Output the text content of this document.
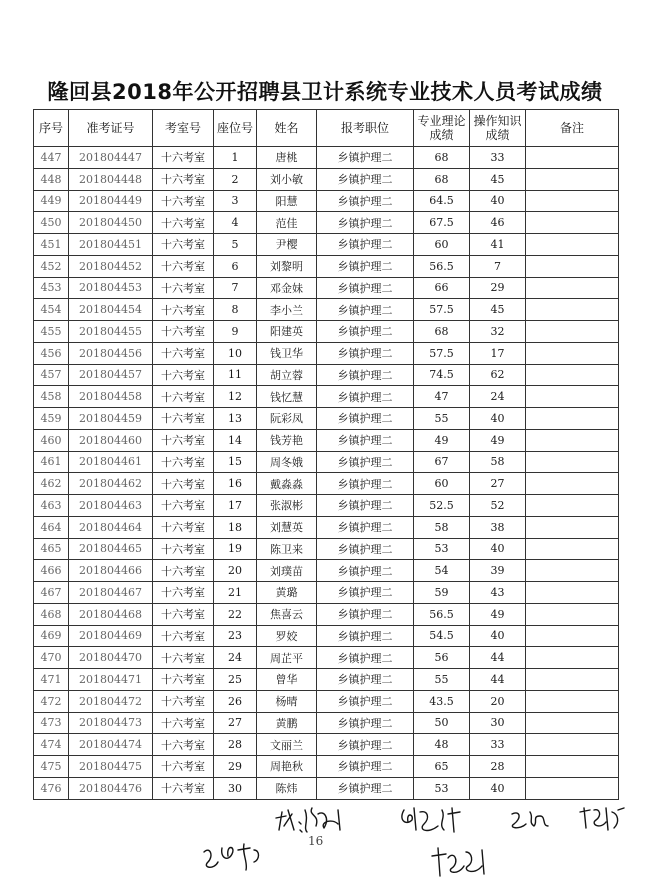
隆回县2018年公开招聘县卫计系统专业技术人员考试成绩
序号	准考证号	考室号	座位号	姓名	报考职位	专业理论成绩	操作知识成绩	备注
447	201804447	十六考室	1	唐桃	乡镇护理二	68	33	
448	201804448	十六考室	2	刘小敏	乡镇护理二	68	45	
449	201804449	十六考室	3	阳慧	乡镇护理二	64.5	40	
450	201804450	十六考室	4	范佳	乡镇护理二	67.5	46	
451	201804451	十六考室	5	尹樱	乡镇护理二	60	41	
452	201804452	十六考室	6	刘黎明	乡镇护理二	56.5	7	
453	201804453	十六考室	7	邓金妹	乡镇护理二	66	29	
454	201804454	十六考室	8	李小兰	乡镇护理二	57.5	45	
455	201804455	十六考室	9	阳建英	乡镇护理二	68	32	
456	201804456	十六考室	10	钱卫华	乡镇护理二	57.5	17	
457	201804457	十六考室	11	胡立蓉	乡镇护理二	74.5	62	
458	201804458	十六考室	12	钱忆慧	乡镇护理二	47	24	
459	201804459	十六考室	13	阮彩凤	乡镇护理二	55	40	
460	201804460	十六考室	14	钱芳艳	乡镇护理二	49	49	
461	201804461	十六考室	15	周冬娥	乡镇护理二	67	58	
462	201804462	十六考室	16	戴淼淼	乡镇护理二	60	27	
463	201804463	十六考室	17	张淑彬	乡镇护理二	52.5	52	
464	201804464	十六考室	18	刘慧英	乡镇护理二	58	38	
465	201804465	十六考室	19	陈卫来	乡镇护理二	53	40	
466	201804466	十六考室	20	刘璞苗	乡镇护理二	54	39	
467	201804467	十六考室	21	黄璐	乡镇护理二	59	43	
468	201804468	十六考室	22	焦喜云	乡镇护理二	56.5	49	
469	201804469	十六考室	23	罗姣	乡镇护理二	54.5	40	
470	201804470	十六考室	24	周芷平	乡镇护理二	56	44	
471	201804471	十六考室	25	曾华	乡镇护理二	55	44	
472	201804472	十六考室	26	杨晴	乡镇护理二	43.5	20	
473	201804473	十六考室	27	黄鹏	乡镇护理二	50	30	
474	201804474	十六考室	28	文丽兰	乡镇护理二	48	33	
475	201804475	十六考室	29	周艳秋	乡镇护理二	65	28	
476	201804476	十六考室	30	陈炜	乡镇护理二	53	40	
16
